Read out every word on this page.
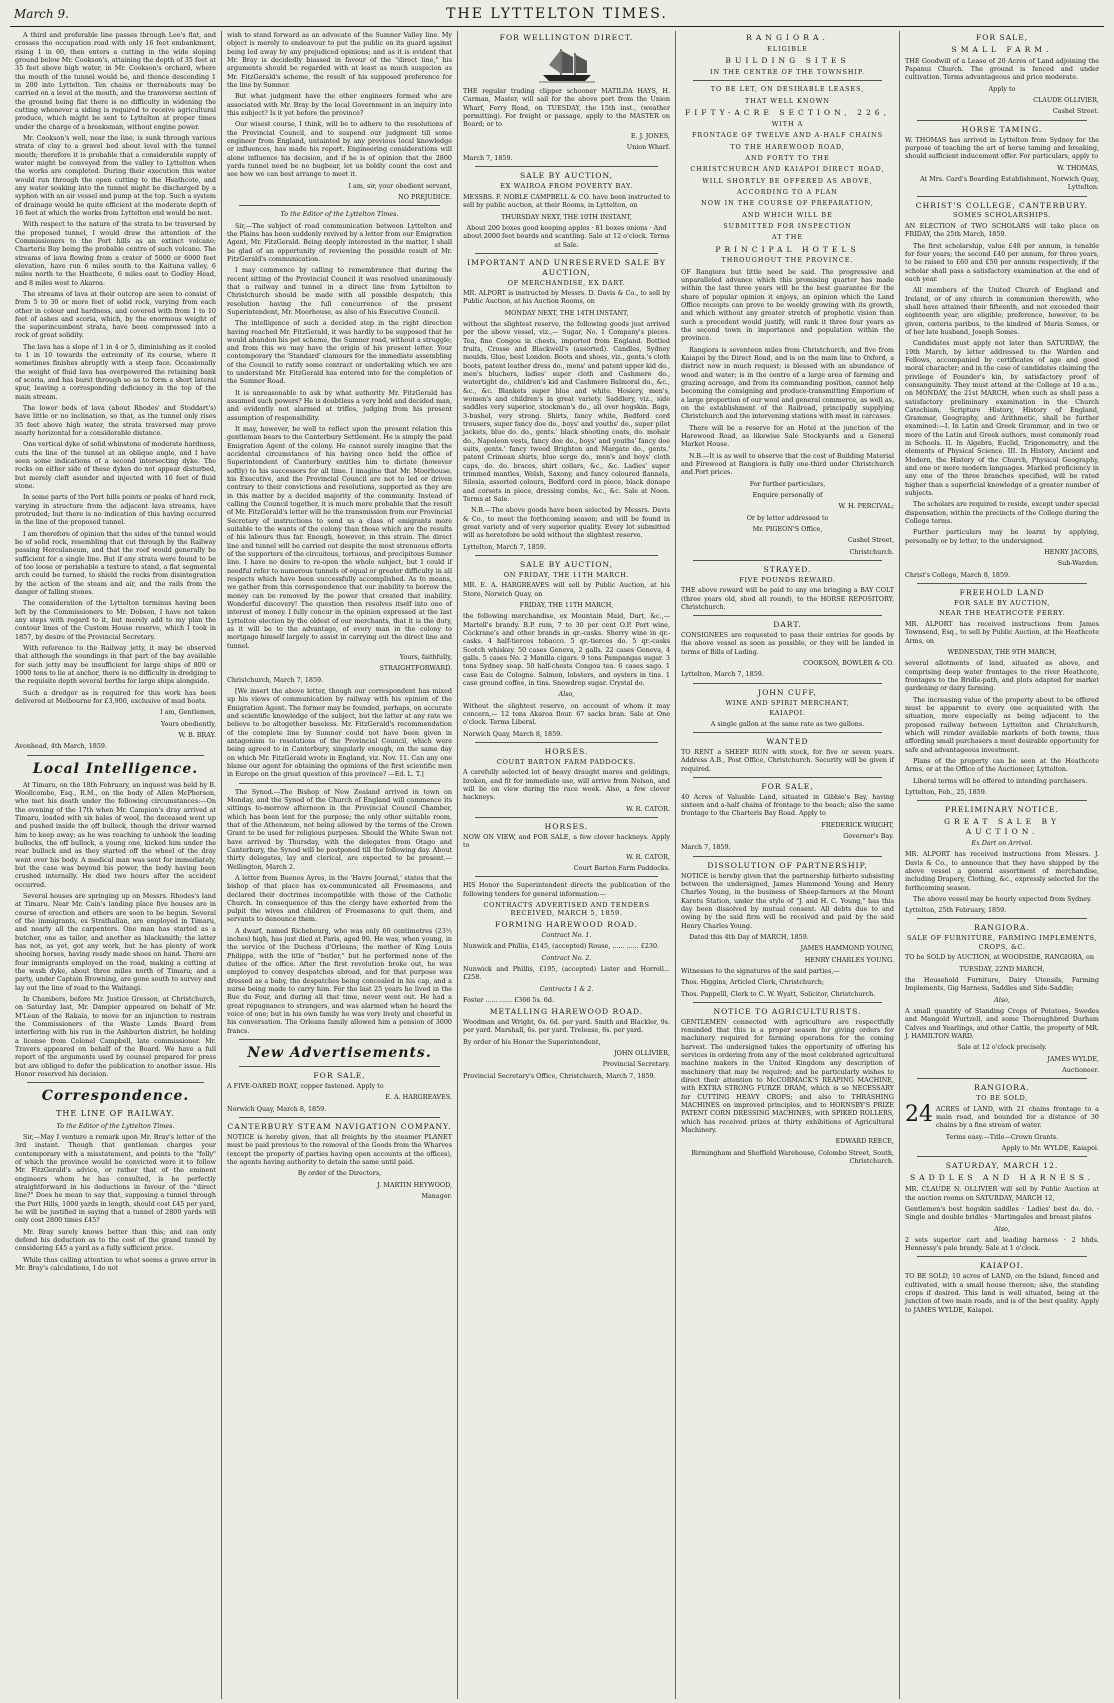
March 9.	THE LYTTELTON TIMES.

A third and preferable line passes through Lee's flat, and crosses the occupation road with only 16 feet embankment, rising 1 in 60, then enters a cutting in the wide sloping ground below Mr. Cookson's, attaining the depth of 35 feet at 35 feet above high water, in Mr. Cookson's orchard, where the mouth of the tunnel would be, and thence descending 1 in 200 into Lyttelton. Ten chains or thereabouts may be carried on a level at the mouth, and the transverse section of the ground being flat there is no difficulty in widening the cutting whenever a siding is required to receive agricultural produce, which might be sent to Lyttelton at proper times under the charge of a breaksman, without engine power.

Mr. Cookson's well, near the line, is sunk through various strata of clay to a gravel bed about level with the tunnel mouth; therefore it is probable that a considerable supply of water might be conveyed from the valley to Lyttelton when the works are completed. During their execution this water would run through the open cutting to the Heathcote, and any water soaking into the tunnel might be discharged by a syphon with an air vessel and pump at the top. Such a system of drainage would be quite efficient at the moderate depth of 16 feet at which the works from Lyttelton end would be met.

With respect to the nature of the strata to be traversed by the proposed tunnel, I would draw the attention of the Commissioners to the Port hills as an extinct volcano; Charteris Bay being the probable centre of such volcano. The streams of lava flowing from a crater of 5000 or 6000 feet elevation, have run 6 miles south to the Kaituna valley, 6 miles north to the Heathcote, 6 miles east to Godley Head, and 8 miles west to Akaroa.

The streams of lava at their outcrop are seen to consist of from 5 to 30 or more feet of solid rock, varying from each other in colour and hardness, and covered with from 1 to 10 feet of ashes and scoria, which, by the enormous weight of the superincumbent strata, have been compressed into a rock of great solidity.

The lava has a slope of 1 in 4 or 5, diminishing as it cooled to 1 in 10 towards the extremity of its course, where it sometimes finishes abruptly with a steep face. Occasionally the weight of fluid lava has overpowered the retaining bank of scoria, and has burst through so as to form a short lateral spur, leaving a corresponding deficiency in the top of the main stream.

The lower beds of lava (about Rhodes' and Stoddart's) have little or no inclination, so that, as the tunnel only rises 35 feet above high water, the strata traversed may prove nearly horizontal for a considerable distance.

One vertical dyke of solid whinstone of moderate hardness, cuts the line of the tunnel at an oblique angle, and I have seen some indications of a second intersecting dyke. The rocks on either side of these dykes do not appear disturbed, but merely cleft asunder and injected with 16 feet of fluid stone.

In some parts of the Port hills points or peaks of hard rock, varying in structure from the adjacent lava streams, have protruded; but there is no indication of this having occurred in the line of the proposed tunnel.

I am therefore of opinion that the sides of the tunnel would be of solid rock, resembling that cut through by the Railway passing Herculaneum, and that the roof would generally be sufficient for a single line. But if any strata were found to be of too loose or perishable a texture to stand, a flat segmental arch could be turned, to shield the rocks from disintegration by the action of the steam and air, and the rails from the danger of falling stones.

The consideration of the Lyttelton terminus having been left by the Commissioners to Mr. Dobson, I have not taken any steps with regard to it, but merely add to my plan the contour lines of the Custom House reserve, which I took in 1857, by desire of the Provincial Secretary.

With reference to the Railway jetty, it may be observed that although the soundings in that part of the bay available for such jetty may be insufficient for large ships of 800 or 1000 tons to lie at anchor, there is no difficulty in dredging to the requisite depth several berths for large ships alongside.

Such a dredger as is required for this work has been delivered at Melbourne for £3,900, exclusive of mud boats.

I am, Gentlemen,

Yours obediently,

W. B. BRAY.

Avonhead, 4th March, 1859.

Local Intelligence.

At Timaru, on the 18th February, an inquest was held by B. Woollcombe, Esq., R.M., on the body of Allen McPherson, who met his death under the following circumstances:—On the evening of the 17th when Mr. Campion's dray arrived at Timaru, loaded with six bales of wool, the deceased went up and pushed inside the off bullock, though the driver warned him to keep away; as he was reaching to unhook the leading bullocks, the off bullock, a young one, kicked him under the rear bullock and as they started off the wheel of the dray went over his body. A medical man was sent for immediately, but the case was beyond his power, the body having been crushed internally. He died two hours after the accident occurred.

Several houses are springing up on Messrs. Rhodes's land at Timaru. Near Mr. Cain's landing place five houses are in course of erection and others are soon to be begun. Several of the immigrants, ex Strathallan, are employed in Timaru, and nearly all the carpenters. One man has started as a butcher, one as tailor, and another as blacksmith; the latter has not, as yet, got any work, but he has plenty of work shoeing horses, having ready made shoes on hand. There are four immigrants employed on the road, making a cutting at the wash dyke, about three miles north of Timaru; and a party, under Captain Browning, are gone south to survey and lay out the line of road to the Waitangi.

In Chambers, before Mr. Justice Gresson, at Christchurch, on Saturday last, Mr. Dampier appeared on behalf of Mr. M'Lean of the Rakaia, to move for an injunction to restrain the Commissioners of the Waste Lands Board from interfering with his run in the Ashburton district, he holding a license from Colonel Campbell, late commissioner. Mr. Travers appeared on behalf of the Board. We have a full report of the arguments used by counsel prepared for press but are obliged to defer the publication to another issue. His Honor reserved his decision.

Correspondence.
THE LINE OF RAILWAY.

To the Editor of the Lyttelton Times.

Sir,—May I venture a remark upon Mr. Bray's letter of the 3rd instant. Though that gentleman charges your contemporary with a misstatement, and points to the "folly" of which the province would be convicted were it to follow Mr. FitzGerald's advice, or rather that of the eminent engineers whom he has consulted, is he perfectly straightforward in his deductions in favour of the "direct line?" Does he mean to say that, supposing a tunnel through the Port Hills, 1000 yards in length, should cost £45 per yard, he will be justified in saying that a tunnel of 2800 yards will only cost 2800 times £45?

Mr. Bray surely knows better than this; and can only defend his deduction as to the cost of the grand tunnel by considering £45 a yard as a fully sufficient price.

While thus calling attention to what seems a grave error in Mr. Bray's calculations, I do not

wish to stand forward as an advocate of the Sumner Valley line. My object is merely to endeavour to put the public on its guard against being led away by any prejudiced opinions; and as it is evident that Mr. Bray is decidedly biassed in favour of the "direct line," his arguments should be regarded with at least as much suspicion as Mr. FitzGerald's scheme, the result of his supposed preference for the line by Sumner.

But what judgment have the other engineers formed who are associated with Mr. Bray by the local Government in an inquiry into this subject? Is it yet before the province?

Our wisest course, I think, will be to adhere to the resolutions of the Provincial Council, and to suspend our judgment till some engineer from England, untainted by any previous local knowledge or influences, has made his report. Engineering considerations will alone influence his decision, and if he is of opinion that the 2800 yards tunnel need be no bugbear, let us boldly count the cost and see how we can best arrange to meet it.

I am, sir, your obedient servant,

NO PREJUDICE.

To the Editor of the Lyttelton Times.

Sir,—The subject of road communication between Lyttelton and the Plains has been suddenly revived by a letter from our Emigration Agent, Mr. FitzGerald. Being deeply interested in the matter, I shall be glad of an opportunity of reviewing the possible result of Mr. FitzGerald's communication.

I may commence by calling to remembrance that during the recent sitting of the Provincial Council it was resolved unanimously that a railway and tunnel in a direct line from Lyttelton to Christchurch should be made with all possible despatch; this resolution having the full concurrence of the present Superintendent, Mr. Moorhouse, as also of his Executive Council.

The intelligence of such a decided step in the right direction having reached Mr. FitzGerald, it was hardly to be supposed that he would abandon his pet scheme, the Sumner road, without a struggle; and from this we may have the origin of his present letter. Your contemporary the 'Standard' clamours for the immediate assembling of the Council to ratify some contract or undertaking which we are to understand Mr. FitzGerald has entered into for the completion of the Sumner Road.

It is unreasonable to ask by what authority Mr. FitzGerald has assumed such powers? He is doubtless a very bold and decided man, and evidently not alarmed at trifles, judging from his present assumption of responsibility.

It may, however, be well to reflect upon the present relation this gentleman bears to the Canterbury Settlement. He is simply the paid Emigration Agent of the colony. He cannot surely imagine that the accidental circumstance of his having once held the office of Superintendent of Canterbury entitles him to dictate (however softly) to his successors for all time. I imagine that Mr. Moorhouse, his Executive, and the Provincial Council are not to led or driven contrary to their convictions and resolutions, supported as they are in this matter by a decided majority of the community. Instead of calling the Council together, it is much more probable that the result of Mr. FitzGerald's letter will be the transmission from our Provincial Secretary of instructions to send us a class of emigrants more suitable to the wants of the colony than those which are the results of his labours thus far. Enough, however, in this strain. The direct line and tunnel will be carried out despite the most strenuous efforts of the supporters of the circuitous, tortuous, and precipitous Sumner line. I have no desire to re-open the whole subject, but I could if needful refer to numerous tunnels of equal or greater difficulty in all respects which have been successfully accomplished. As to means, we gather from this correspondence that our inability to borrow the money can be removed by the power that created that inability. Wonderful discovery! The question then resolves itself into one of interest of money. I fully concur in the opinion expressed at the last Lyttelton election by the oldest of our merchants, that it is the duty, as it will be to the advantage, of every man in the colony to mortgage himself largely to assist in carrying out the direct line and tunnel.

Yours, faithfully,

STRAIGHTFORWARD.

Christchurch, March 7, 1859.

[We insert the above letter, though our correspondent has mixed up his views of communication by railway with his opinion of the Emigration Agent. The former may be founded, perhaps, on accurate and scientific knowledge of the subject, but the latter at any rate we believe to be altogether baseless. Mr. FitzGerald's recommendation of the complete line by Sumner could not have been given in antagonism to resolutions of the Provincial Council, which were being agreed to in Canterbury, singularly enough, on the same day on which Mr. FitzGerald wrote in England, viz. Nov. 11. Can any one blame our agent for obtaining the opinions of the first scientific men in Europe on the great question of this province? —Ed. L. T.]

The Synod.—The Bishop of New Zealand arrived in town on Monday, and the Synod of the Church of England will commence its sittings to-morrow afternoon in the Provincial Council Chamber, which has been lent for the purpose; the only other suitable room, that of the Athenæum, not being allowed by the terms of the Crown Grant to be used for religious purposes. Should the White Swan not have arrived by Thursday, with the delegates from Otago and Canterbury, the Synod will be postponed till the following day. About thirty delegates, lay and clerical, are expected to be present.—Wellington, March 2.

A letter from Buenos Ayres, in the 'Havre Journal,' states that the bishop of that place has ex-communicated all Freemasons, and declared their doctrines incompatible with those of the Catholic Church. In consequence of this the clergy have exhorted from the pulpit the wives and children of Freemasons to quit them, and servants to denounce them.

A dwarf, named Richebourg, who was only 60 centimetres (23½ inches) high, has just died at Paris, aged 90. He was, when young, in the service of the Duchess d'Orleans, the mother of King Louis Philippe, with the title of "butler," but he performed none of the duties of the office. After the first revolution broke out, he was employed to convey despatches abroad, and for that purpose was dressed as a baby, the despatches being concealed in his cap, and a nurse being made to carry him. For the last 25 years he lived in the Rue du Four, and during all that time, never went out. He had a great repugnance to strangers, and was alarmed when he heard the voice of one; but in his own family he was very lively and cheerful in his conversation. The Orleans family allowed him a pension of 3000 francs.

New Advertisements.
FOR SALE,

A FIVE-OARED BOAT, copper fastened. Apply to

E. A. HARGREAVES.

Norwich Quay, March 8, 1859.

CANTERBURY STEAM NAVIGATION COMPANY.

NOTICE is hereby given, that all freights by the steamer PLANET must be paid previous to the removal of the Goods from the Wharves (except the property of parties having open accounts at the offices), the agents having authority to detain the same until paid.

By order of the Directors,

J. MARTIN HEYWOOD,

Manager.

FOR WELLINGTON DIRECT.

THE regular trading clipper schooner MATILDA HAYS, H. Carman, Master, will sail for the above port from the Union Wharf, Ferry Road, on TUESDAY, the 15th inst., (weather permitting). For freight or passage, apply to the MASTER on Board; or to

E. J. JONES,

Union Wharf.

March 7, 1859.

SALE BY AUCTION,
EX WAIROA FROM POVERTY BAY.

MESSRS. F. NOBLE CAMPBELL & CO. have been instructed to sell by public auction, at their Rooms, in Lyttelton, on

THURSDAY NEXT, THE 10TH INSTANT,

About 200 boxes good keeping apples · 81 boxes onions · And about 2000 feet boards and scantling. Sale at 12 o'clock. Terms at Sale.

IMPORTANT AND UNRESERVED SALE BY AUCTION,
OF MERCHANDISE, EX DART.

MR. ALPORT is instructed by Messrs. D. Davis & Co., to sell by Public Auction, at his Auction Rooms, on

MONDAY NEXT, THE 14TH INSTANT,

without the slightest reserve, the following goods just arrived per the above vessel, viz.,— Sugar, No. 1 Company's pieces. Tea, fine Congou in chests, imported from England. Bottled fruits, Crosse and Blackwell's (assorted). Candles, Sydney moulds. Glue, best London. Boots and shoes, viz., gents.'s cloth boots, patent leather dress do., mens' and patent upper kid do., men's bluchers, ladies' super cloth and Cashmere do., watertight do., children's kid and Cashmere Balmoral do., &c., &c., &c. Blankets super blue and white. Hosiery, men's, women's and children's in great variety. Saddlery, viz., side saddles very superior, stockman's do., all over hogskin. Bags, 3-bushel, very strong. Shirts, fancy white, Bedford cord trousers, super fancy doe do., boys' and youths' do., super pilot jackets, blue do. do., gents.' black shooting coats, do. mohair do., Napoleon vests, fancy doe do., boys' and youths' fancy doe suits, gents.' fancy tweed Brighton and Margate do., gents.' patent Crimean shirts, blue serge do., men's and boys' cloth caps, do. do. braces, shirt collars, &c., &c. Ladies' super trimmed mantles, Welsh, Saxony, and fancy coloured flannels, Silesia, assorted colours, Bedford cord in piece, black donape and corsets in piece, dressing combs, &c., &c. Sale at Noon. Terms at Sale.

N.B.—The above goods have been selected by Messrs. Davis & Co., to meet the forthcoming season; and will be found in great variety and of very superior quality. Every lot submitted will as heretofore be sold without the slightest reserve.

Lyttelton, March 7, 1859.

SALE BY AUCTION,
ON FRIDAY, THE 11TH MARCH.

MR. E. A. HARGREAVES will sell by Public Auction, at his Store, Norwich Quay, on

FRIDAY, THE 11TH MARCH,

the following merchandise, ex Mountain Maid, Dart, &c.,— Martell's brandy. B.P. rum, 7 to 30 per cent O.P. Port wine, Cockrane's and other brands in qr.-casks. Sherry wine in qr.-casks. 4 half-tierces tobacco. 5 qr.-tierces do. 5 qr.-casks Scotch whiskey. 50 cases Geneva, 2 galls. 22 cases Geneva, 4 galls. 5 cases No. 2 Manilla cigars. 9 tons Pampangas sugar. 3 tons Sydney soap. 50 half-chests Congou tea. 6 cases sago. 1 case Eau de Cologne. Salmon, lobsters, and oysters in tins. 1 case ground coffee, in tins. Snowdrop sugar. Crystal do.

Also,

Without the slightest reserve, on account of whom it may concern,— 12 tons Akaroa flour. 67 sacks bran. Sale at One o'clock. Terms Liberal.

Norwich Quay, March 8, 1859.

HORSES.
COURT BARTON FARM PADDOCKS.

A carefully selected lot of heavy draught mares and geldings, broken, and fit for immediate use, will arrive from Nelson, and will be on view during the race week. Also, a few clever hackneys.

W. R. CATOR.

HORSES.

NOW ON VIEW, and FOR SALE, a few clever hackneys. Apply to

W. R. CATOR,

Court Barton Farm Paddocks.

HIS Honor the Superintendent directs the publication of the following tenders for general information:—

CONTRACTS ADVERTISED AND TENDERS RECEIVED, MARCH 5, 1859.
FORMING HAREWOOD ROAD.

Contract No. 1.

Nunwick and Phillis, £145, (accepted) Rouse, ...... ...... £230.

Contract No. 2.

Nunwick and Phillis, £195, (accepted) Lister and Horrell... £258.

Contracts 1 & 2.

Foster ...... ...... £366 5s. 6d.

METALLING HAREWOOD ROAD.

Woodman and Wright, 6s. 6d. per yard. Smith and Blackler, 9s. per yard. Marshall, 6s. per yard. Trelease, 6s. per yard.

By order of his Honor the Superintendent,

JOHN OLLIVIER,

Provincial Secretary.

Provincial Secretary's Office, Christchurch, March 7, 1859.

RANGIORA.

ELIGIBLE

BUILDING SITES

IN THE CENTRE OF THE TOWNSHIP.

TO BE LET, ON DESIRABLE LEASES,

THAT WELL KNOWN

FIFTY-ACRE SECTION, 226,

WITH A

FRONTAGE OF TWELVE AND A-HALF CHAINS

TO THE HAREWOOD ROAD,

AND FORTY TO THE

CHRISTCHURCH AND KAIAPOI DIRECT ROAD,

WILL SHORTLY BE OFFERED AS ABOVE,

ACCORDING TO A PLAN

NOW IN THE COURSE OF PREPARATION,

AND WHICH WILL BE

SUBMITTED FOR INSPECTION

AT THE

PRINCIPAL HOTELS

THROUGHOUT THE PROVINCE.

OF Rangiora but little need be said. The progressive and unparalleled advance which this promising quarter has made within the last three years will be the best guarantee for the share of popular opinion it enjoys, an opinion which the Land Office receipts can prove to be weekly growing with its growth, and which without any greater stretch of prophetic vision than such a precedent would justify, will rank it three four years as the second town in importance and population within the province.

Rangiora is seventeen miles from Christchurch, and five from Kaiapoi by the Direct Road, and is on the main line to Oxford, a district now in much request; is blessed with an abundance of wood and water; is in the centre of a large area of farming and grazing acreage, and from its commanding position, cannot help becoming the consigning and produce-transmitting Emporium of a large proportion of our wool and general commerce, as well as, on the establishment of the Railroad, principally supplying Christchurch and the intervening stations with meat in carcases.

There will be a reserve for an Hotel at the junction of the Harewood Road, as likewise Sale Stockyards and a General Market House.

N.B.—It is as well to observe that the cost of Building Material and Firewood at Rangiora is fully one-third under Christchurch and Port prices.

For further particulars,

Enquire personally of

W. H. PERCIVAL;

Or by letter addressed to

Mr. PIGEON'S Office,

Cashel Street,

Christchurch.

STRAYED.
FIVE POUNDS REWARD.

THE above reward will be paid to any one bringing a BAY COLT (three years old, shod all round), to the HORSE REPOSITORY, Christchurch.

DART.

CONSIGNEES are requested to pass their entries for goods by the above vessel as soon as possible, or they will be landed in terms of Bills of Lading.

COOKSON, BOWLER & CO.

Lyttelton, March 7, 1859.

JOHN CUFF,
WINE AND SPIRIT MERCHANT,
KAIAPOI.

A single gallon at the same rate as two gallons.

WANTED

TO RENT a SHEEP RUN with stock, for five or seven years. Address A.B., Post Office, Christchurch. Security will be given if required.

FOR SALE,

40 Acres of Valuable Land, situated in Gibbie's Bay, having sixteen and a-half chains of frontage to the beach; also the same frontage to the Charteris Bay Road. Apply to

FREDERICK WRIGHT,

Governor's Bay.

March 7, 1859.

DISSOLUTION OF PARTNERSHIP.

NOTICE is hereby given that the partnership hitherto subsisting between the undersigned, James Hammond Young and Henry Charles Young, in the business of Sheep-farmers at the Mount Karetu Station, under the style of "J. and H. C. Young," has this day been dissolved by mutual consent. All debts due to and owing by the said firm will be received and paid by the said Henry Charles Young.

Dated this 4th Day of MARCH, 1859.

JAMES HAMMOND YOUNG,

HENRY CHARLES YOUNG.

Witnesses to the signatures of the said parties,—

Thos. Higgins, Articled Clerk, Christchurch;

Thos. Pappelll, Clerk to C. W. Wyatt, Solicitor, Christchurch.

NOTICE TO AGRICULTURISTS.

GENTLEMEN connected with agriculture are respectfully reminded that this is a proper season for giving orders for machinery required for farming operations for the coming harvest. The undersigned takes the opportunity of offering his services in ordering from any of the most celebrated agricultural machine makers in the United Kingdom any description of machinery that may be required; and he particularly wishes to direct their attention to McCORMACK'S REAPING MACHINE, with EXTRA STRONG FURZE DRAM, which is so NECESSARY for CUTTING HEAVY CROPS; and also to THRASHING MACHINES on improved principles, and to HORNSBY'S PRIZE PATENT CORN DRESSING MACHINES, with SPIKED ROLLERS, which has received prizes at thirty exhibitions of Agricultural Machinery.

EDWARD REECE,

Birmingham and Sheffield Warehouse, Colombo Street, South, Christchurch.

FOR SALE,
SMALL FARM.

THE Goodwill of a Lease of 20 Acres of Land adjoining the Papanui Church. The ground is fenced and under cultivation. Terms advantageous and price moderate.

Apply to

CLAUDE OLLIVIER,

Cashel Street.

HORSE TAMING.

W. THOMAS has arrived in Lyttelton from Sydney for the purpose of teaching the art of horse taming and breaking, should sufficient inducement offer. For particulars, apply to

W. THOMAS,

At Mrs. Card's Boarding Establishment, Norwich Quay, Lyttelton.

CHRIST'S COLLEGE, CANTERBURY.
SOMES SCHOLARSHIPS.

AN ELECTION of TWO SCHOLARS will take place on FRIDAY, the 25th March, 1859.

The first scholarship, value £48 per annum, is tenable for four years; the second £40 per annum, for three years, to be raised to £60 and £50 per annum respectively, if the scholar shall pass a satisfactory examination at the end of each year.

All members of the United Church of England and Ireland, or of any church in communion therewith, who shall have attained their fifteenth, and not exceeded their eighteenth year, are eligible; preference, however, to be given, cæteris paribus, to the kindred of Maria Somes, or of her late husband, Joseph Somes.

Candidates must apply not later than SATURDAY, the 19th March, by letter addressed to the Warden and Fellows, accompanied by certificates of age and good moral character; and in the case of candidates claiming the privilege of Founder's kin, by satisfactory proof of consanguinity. They must attend at the College at 10 a.m., on MONDAY, the 21st MARCH, when such as shall pass a satisfactory preliminary examination in the Church Catechism, Scripture History, History of England, Grammar, Geography, and Arithmetic, shall be further examined:—I. In Latin and Greek Grammar, and in two or more of the Latin and Greek authors, most commonly read in Schools. II. In Algebra, Euclid, Trigonometry, and the elements of Physical Science. III. In History, Ancient and Modern, the History of the Church, Physical Geography, and one or more modern languages. Marked proficiency in any one of the three branches specified, will be rated higher than a superficial knowledge of a greater number of subjects.

The scholars are required to reside, except under special dispensation, within the precincts of the College during the College terms.

Further particulars may be learnt by applying, personally or by letter, to the undersigned.

HENRY JACOBS,

Sub-Warden.

Christ's College, March 8, 1859.

FREEHOLD LAND
FOR SALE BY AUCTION,
NEAR THE HEATHCOTE FERRY.

MR. ALPORT has received instructions from James Townsend, Esq., to sell by Public Auction, at the Heathcote Arms, on

WEDNESDAY, THE 9TH MARCH,

several allotments of land, situated as above, and comprising deep water frontages to the river Heathcote, frontages to the Bridle-path, and plots adapted for market gardening or dairy farming.

The increasing value of the property about to be offered must be apparent to every one acquainted with the situation, more especially as being adjacent to the proposed railway between Lyttelton and Christchurch, which will render available markets of both towns, thus affording small purchasers a most desirable opportunity for safe and advantageous investment.

Plans of the property can be seen at the Heathcote Arms, or at the Office of the Auctioneer, Lyttelton.

Liberal terms will be offered to intending purchasers.

Lyttelton, Feb., 25, 1859.

PRELIMINARY NOTICE.
GREAT SALE BY AUCTION.

Ex Dart on Arrival.

MR. ALPORT has received instructions from Messrs. J. Davis & Co., to announce that they have shipped by the above vessel a general assortment of merchandise, including Drapery, Clothing, &c., expressly selected for the forthcoming season.

The above vessel may be hourly expected from Sydney.

Lyttelton, 25th February, 1859.

RANGIORA.
SALE OF FURNITURE, FARMING IMPLEMENTS, CROPS, &C.

TO be SOLD by AUCTION, at WOODSIDE, RANGIORA, on

TUESDAY, 22ND MARCH,

the Household Furniture, Dairy Utensils, Farming Implements, Gig Harness, Saddles and Side-Saddle;

Also,

A small quantity of Standing Crops of Potatoes, Swedes and Mangold Wurtzell, and some Thoroughbred Durham Calves and Yearlings, and other Cattle, the property of MR. J. HAMILTON WARD.

Sale at 12 o'clock precisely.

JAMES WYLDE,

Auctioneer.

RANGIORA.
TO BE SOLD,
24 ACRES of LAND, with 21 chains frontage to a main road, and bounded for a distance of 30 chains by a fine stream of water.

Terms easy.—Title—Crown Grants.

Apply to Mr. WYLDE, Kaiapoi.

SATURDAY, MARCH 12.
SADDLES AND HARNESS.

MR. CLAUDE N. OLLIVIER will sell by Public Auction at the auction rooms on SATURDAY, MARCH 12,

Gentlemen's best hogskin saddles · Ladies' best do. do. · Single and double bridles · Martingales and breast plates

Also,

2 sets superior cart and leading harness · 2 hhds. Hennessy's pale brandy. Sale at 1 o'clock.

KAIAPOI.

TO BE SOLD, 10 acres of LAND, on the Island, fenced and cultivated, with a small house thereon; also, the standing crops if desired. This land is well situated, being at the junction of two main roads, and is of the best quality. Apply to JAMES WYLDE, Kaiapoi.
